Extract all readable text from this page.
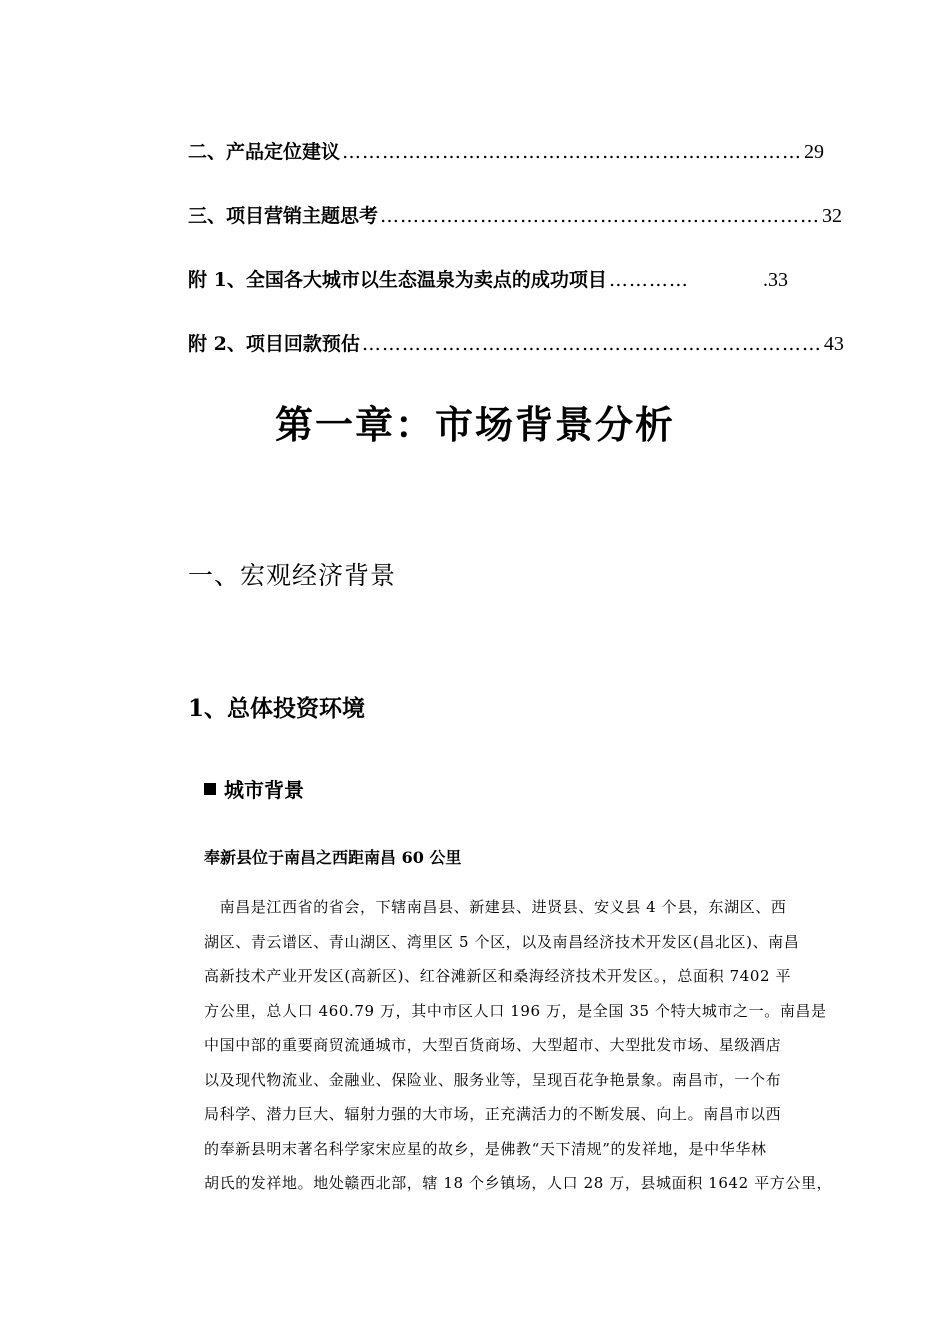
二、产品定位建议 …………………………………………………………… 29
三、项目营销主题思考 ………………………………………………………… 32
附 1、全国各大城市以生态温泉为卖点的成功项目 …………	.33
附 2、项目回款预估 …………………………………………………………… 43
第一章：市场背景分析
一、宏观经济背景
1、总体投资环境
城市背景
奉新县位于南昌之西距南昌 60 公里
　南昌是江西省的省会，下辖南昌县、新建县、进贤县、安义县 4 个县，东湖区、西
湖区、青云谱区、青山湖区、湾里区 5 个区，以及南昌经济技术开发区(昌北区)、南昌
高新技术产业开发区(高新区)、红谷滩新区和桑海经济技术开发区。，总面积 7402 平
方公里，总人口 460.79 万，其中市区人口 196 万，是全国 35 个特大城市之一。南昌是
中国中部的重要商贸流通城市，大型百货商场、大型超市、大型批发市场、星级酒店
以及现代物流业、金融业、保险业、服务业等，呈现百花争艳景象。南昌市，一个布
局科学、潜力巨大、辐射力强的大市场，正充满活力的不断发展、向上。南昌市以西
的奉新县明末著名科学家宋应星的故乡，是佛教“天下清规”的发祥地，是中华华林
胡氏的发祥地。地处赣西北部，辖 18 个乡镇场，人口 28 万，县城面积 1642 平方公里，
